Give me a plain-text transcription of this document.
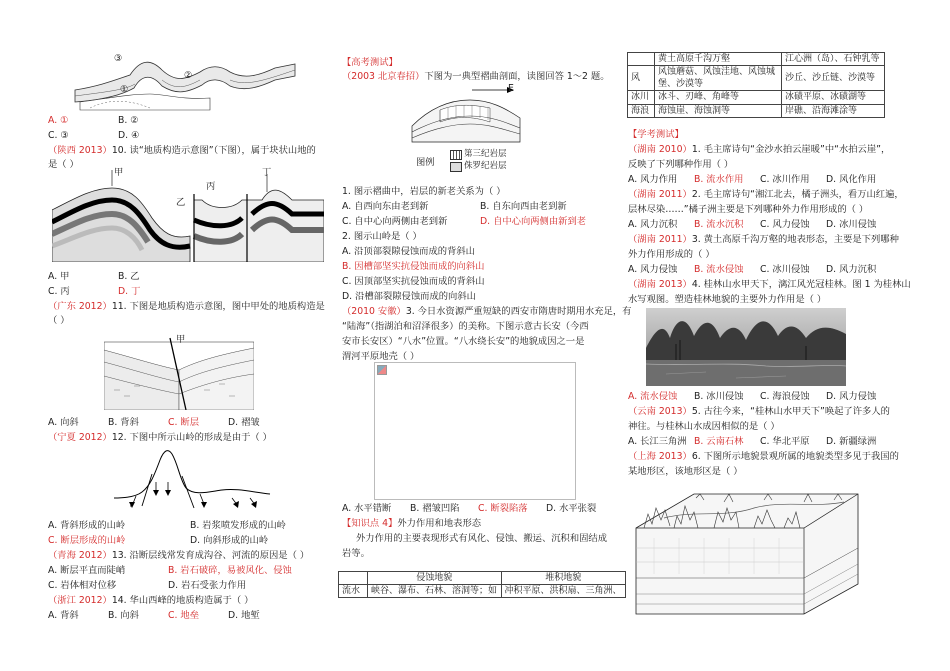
③
②
①
A. ①	B. ②
C. ③	D. ④
（陕西 2013）10. 读“地质构造示意图”（下图），属于块状山地的
是（ ）
甲
乙
丙
丁
A. 甲	B. 乙
C. 丙	D. 丁
（广东 2012）11. 下图是地质构造示意图，图中甲处的地质构造是
（ ）
甲
A. 向斜	B. 背斜	C. 断层	D. 褶皱
（宁夏 2012）12. 下图中所示山岭的形成是由于（ ）
A. 背斜形成的山岭	B. 岩浆喷发形成的山岭
C. 断层形成的山岭	D. 向斜形成的山岭
（青海 2012）13. 沿断层线常发育成沟谷、河流的原因是（ ）
A. 断层平直而陡峭	B. 岩石破碎，易被风化、侵蚀
C. 岩体相对位移	D. 岩石受张力作用
（浙江 2012）14. 华山西峰的地质构造属于（ ）
A. 背斜	B. 向斜	C. 地垒	D. 地堑
【高考测试】
（2003 北京春招）下图为一典型褶曲剖面，读图回答 1～2 题。
E
图例
第三纪岩层
侏罗纪岩层
1. 图示褶曲中，岩层的新老关系为（ ）
A. 自西向东由老到新	B. 自东向西由老到新
C. 自中心向两侧由老到新	D. 自中心向两侧由新到老
2. 图示山岭是（ ）
A. 沿顶部裂隙侵蚀而成的背斜山
B. 因槽部坚实抗侵蚀而成的向斜山
C. 因顶部坚实抗侵蚀而成的背斜山
D. 沿槽部裂隙侵蚀而成的向斜山
（2010 安徽）3. 今日水资源严重短缺的西安市隋唐时期用水充足，有
“陆海”（指湖泊和沼泽很多）的美称。下图示意古长安（今西
安市长安区）“八水”位置。“八水绕长安”的地貌成因之一是
渭河平原地壳（ ）
A. 水平错断 B. 褶皱凹陷 C. 断裂陷落 D. 水平张裂
【知识点 4】外力作用和地表形态
外力作用的主要表现形式有风化、侵蚀、搬运、沉积和固结成
岩等。
	侵蚀地貌	堆积地貌
流水	峡谷、瀑布、石林、溶洞等；如	冲积平原、洪积扇、三角洲、
	黄土高原千沟万壑	江心洲（岛）、石钟乳等
风	风蚀蘑菇、风蚀洼地、风蚀城堡、沙漠等	沙丘、沙丘链、沙漠等
冰川	冰斗、刃峰、角峰等	冰碛平原、冰碛湖等
海浪	海蚀崖、海蚀洞等	岸礁、沿海滩涂等
【学考测试】
（湖南 2010）1. 毛主席诗句“金沙水拍云崖暖”中“水拍云崖”，
反映了下列哪种作用（ ）
A. 风力作用 B. 流水作用 C. 冰川作用 D. 风化作用
（湖南 2011）2. 毛主席诗句“湘江北去，橘子洲头，看万山红遍，
层林尽染……”橘子洲主要是下列哪种外力作用形成的（ ）
A. 风力沉积 B. 流水沉积 C. 风力侵蚀 D. 冰川侵蚀
（湖南 2011）3. 黄土高原千沟万壑的地表形态，主要是下列哪种
外力作用形成的（ ）
A. 风力侵蚀 B. 流水侵蚀 C. 冰川侵蚀 D. 风力沉积
（湖南 2013）4. 桂林山水甲天下，漓江风光冠桂林。图 1 为桂林山
水写观图。塑造桂林地貌的主要外力作用是（ ）
A. 流水侵蚀 B. 冰川侵蚀 C. 海浪侵蚀 D. 风力侵蚀
（云南 2013）5. 古往今来，“桂林山水甲天下”唤起了许多人的
神往。与桂林山水成因相似的是（ ）
A. 长江三角洲 B. 云南石林 C. 华北平原 D. 新疆绿洲
（上海 2013）6. 下图所示地貌景观所属的地貌类型多见于我国的
某地形区，该地形区是（ ）
